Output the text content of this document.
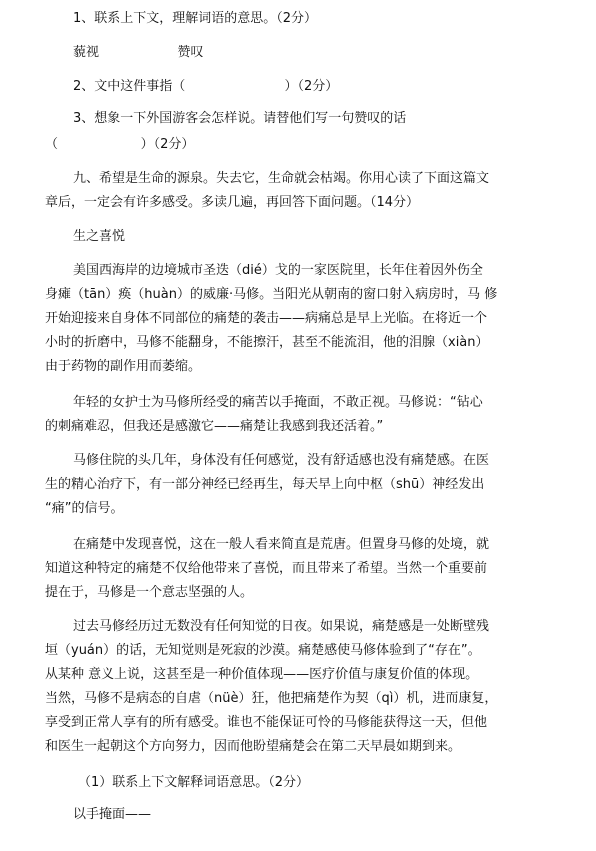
1、联系上下文，理解词语的意思。（2分）
藐视                   赞叹
2、文中这件事指（                        ）（2分）
3、想象一下外国游客会怎样说。请替他们写一句赞叹的话
（                    ）（2分）
九、希望是生命的源泉。失去它，生命就会枯竭。你用心读了下面这篇文
章后，一定会有许多感受。多读几遍，再回答下面问题。（14分）
生之喜悦
美国西海岸的边境城市圣迭（dié）戈的一家医院里，长年住着因外伤全
身瘫（tān）痪（huàn）的威廉·马修。当阳光从朝南的窗口射入病房时，马 修
开始迎接来自身体不同部位的痛楚的袭击——病痛总是早上光临。在将近一个
小时的折磨中，马修不能翻身，不能擦汗，甚至不能流泪，他的泪腺（xiàn）
由于药物的副作用而萎缩。
年轻的女护士为马修所经受的痛苦以手掩面，不敢正视。马修说：“钻心
的刺痛难忍，但我还是感激它——痛楚让我感到我还活着。”
马修住院的头几年，身体没有任何感觉，没有舒适感也没有痛楚感。在医
生的精心治疗下，有一部分神经已经再生，每天早上向中枢（shū）神经发出
“痛”的信号。
在痛楚中发现喜悦，这在一般人看来简直是荒唐。但置身马修的处境，就
知道这种特定的痛楚不仅给他带来了喜悦，而且带来了希望。当然一个重要前
提在于，马修是一个意志坚强的人。
过去马修经历过无数没有任何知觉的日夜。如果说，痛楚感是一处断壁残
垣（yuán）的话，无知觉则是死寂的沙漠。痛楚感使马修体验到了“存在”。
从某种 意义上说，这甚至是一种价值体现——医疗价值与康复价值的体现。
当然，马修不是病态的自虐（nüè）狂，他把痛楚作为契（qì）机，进而康复，
享受到正常人享有的所有感受。谁也不能保证可怜的马修能获得这一天，但他
和医生一起朝这个方向努力，因而他盼望痛楚会在第二天早晨如期到来。
（1）联系上下文解释词语意思。（2分）
以手掩面——
